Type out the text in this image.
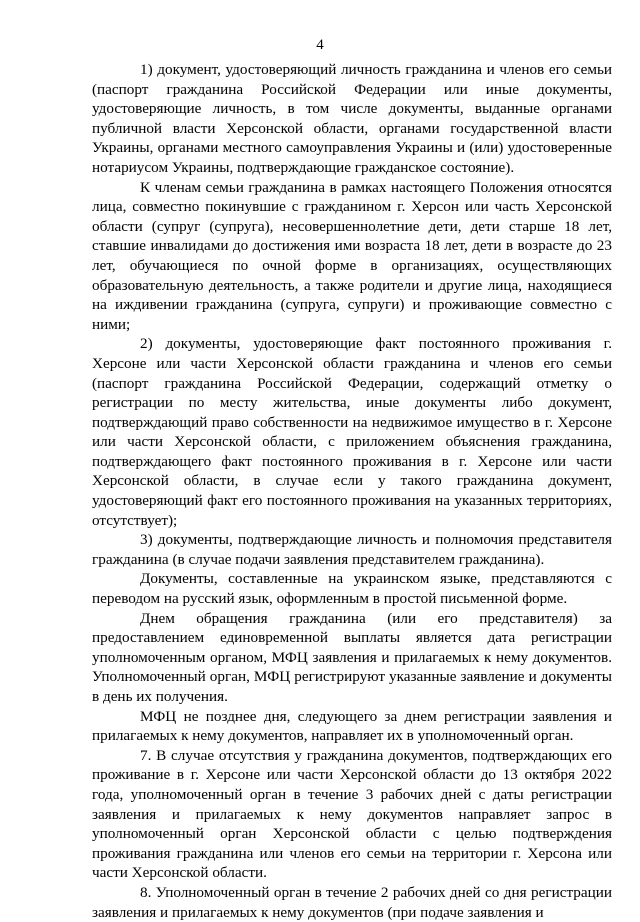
4

1) документ, удостоверяющий личность гражданина и членов его семьи (паспорт гражданина Российской Федерации или иные документы, удостоверяющие личность, в том числе документы, выданные органами публичной власти Херсонской области, органами государственной власти Украины, органами местного самоуправления Украины и (или) удостоверенные нотариусом Украины, подтверждающие гражданское состояние).

К членам семьи гражданина в рамках настоящего Положения относятся лица, совместно покинувшие с гражданином г. Херсон или часть Херсонской области (супруг (супруга), несовершеннолетние дети, дети старше 18 лет, ставшие инвалидами до достижения ими возраста 18 лет, дети в возрасте до 23 лет, обучающиеся по очной форме в организациях, осуществляющих образовательную деятельность, а также родители и другие лица, находящиеся на иждивении гражданина (супруга, супруги) и проживающие совместно с ними;

2) документы, удостоверяющие факт постоянного проживания г. Херсоне или части Херсонской области гражданина и членов его семьи (паспорт гражданина Российской Федерации, содержащий отметку о регистрации по месту жительства, иные документы либо документ, подтверждающий право собственности на недвижимое имущество в г. Херсоне или части Херсонской области, с приложением объяснения гражданина, подтверждающего факт постоянного проживания в г. Херсоне или части Херсонской области, в случае если у такого гражданина документ, удостоверяющий факт его постоянного проживания на указанных территориях, отсутствует);

3) документы, подтверждающие личность и полномочия представителя гражданина (в случае подачи заявления представителем гражданина).

Документы, составленные на украинском языке, представляются с переводом на русский язык, оформленным в простой письменной форме.

Днем обращения гражданина (или его представителя) за предоставлением единовременной выплаты является дата регистрации уполномоченным органом, МФЦ заявления и прилагаемых к нему документов. Уполномоченный орган, МФЦ регистрируют указанные заявление и документы в день их получения.

МФЦ не позднее дня, следующего за днем регистрации заявления и прилагаемых к нему документов, направляет их в уполномоченный орган.

7. В случае отсутствия у гражданина документов, подтверждающих его проживание в г. Херсоне или части Херсонской области до 13 октября 2022 года, уполномоченный орган в течение 3 рабочих дней с даты регистрации заявления и прилагаемых к нему документов направляет запрос в уполномоченный орган Херсонской области с целью подтверждения проживания гражданина или членов его семьи на территории г. Херсона или части Херсонской области.

8. Уполномоченный орган в течение 2 рабочих дней со дня регистрации заявления и прилагаемых к нему документов (при подаче заявления и
